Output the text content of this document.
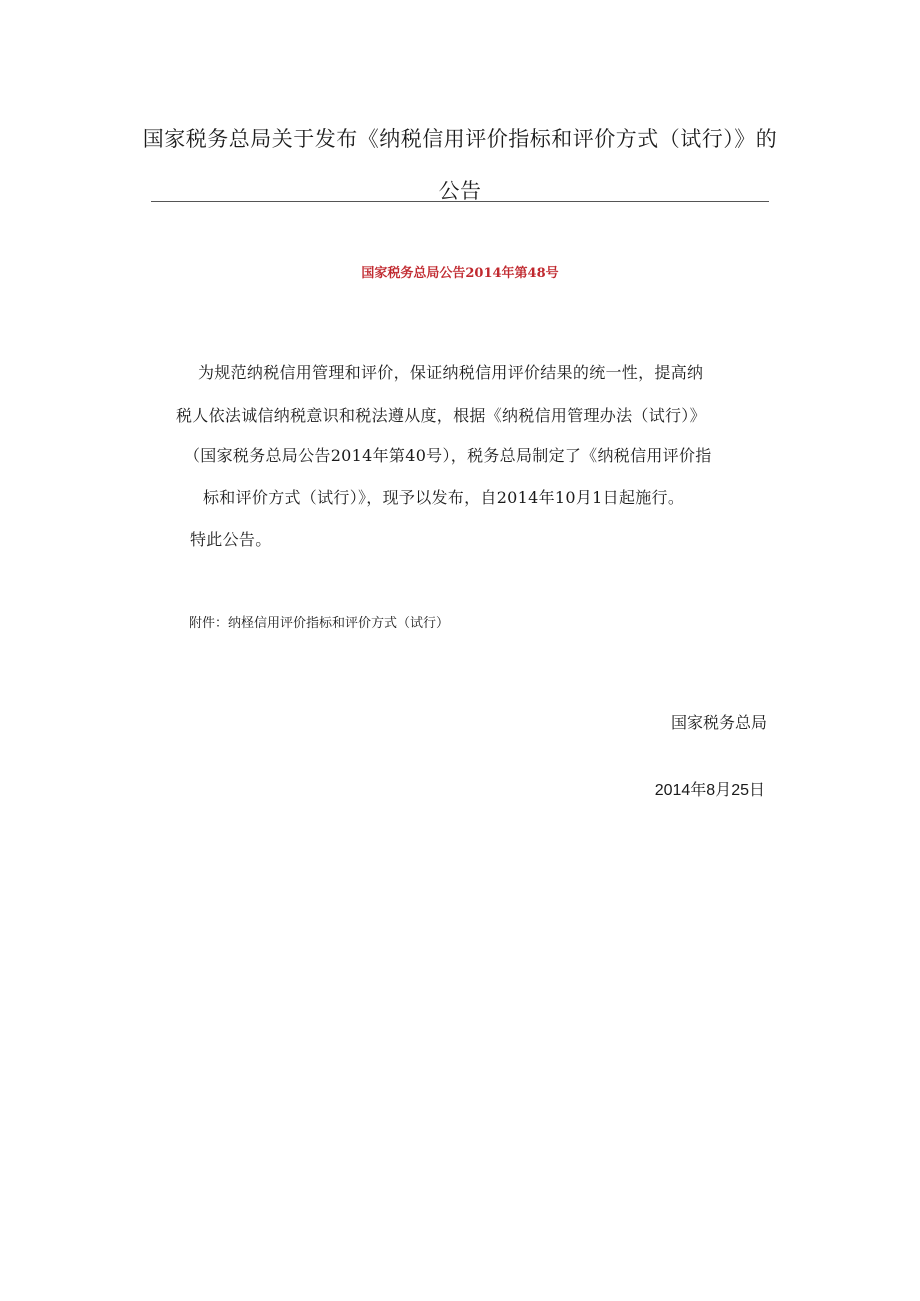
国家税务总局关于发布《纳税信用评价指标和评价方式（试行）》的
公告
国家税务总局公告2014年第48号
为规范纳税信用管理和评价，保证纳税信用评价结果的统一性，提高纳
税人依法诚信纳税意识和税法遵从度，根据《纳税信用管理办法（试行）》
（国家税务总局公告2014年第40号），税务总局制定了《纳税信用评价指
标和评价方式（试行）》，现予以发布，自2014年10月1日起施行。
特此公告。
附件：纳柽信用评价指标和评价方式（试行）
国家税务总局
2014年8月25日
